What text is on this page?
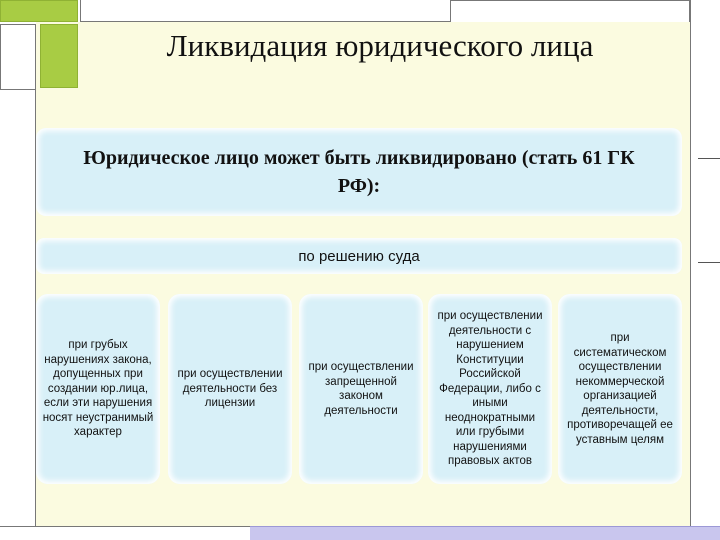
Ликвидация юридического лица
Юридическое лицо может быть ликвидировано (стать 61 ГК РФ):
по решению суда
при грубых нарушениях закона, допущенных при создании юр.лица, если эти нарушения носят неустранимый характер
при осуществлении деятельности без лицензии
при осуществлении запрещенной законом деятельности
при осуществлении деятельности с нарушением Конституции Российской Федерации, либо с иными неоднократными или грубыми нарушениями правовых актов
при систематическом осуществлении некоммерческой организацией деятельности, противоречащей ее уставным целям
